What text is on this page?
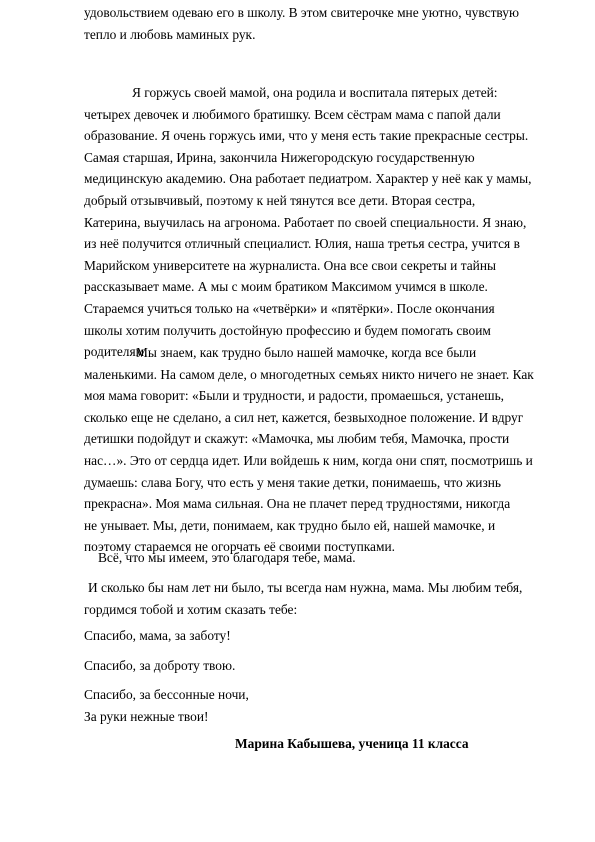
удовольствием одеваю его в школу. В этом свитерочке мне уютно, чувствую
тепло и любовь маминых рук.

Я горжусь своей мамой, она родила и воспитала пятерых детей:
четырех девочек и любимого братишку. Всем сёстрам мама с папой дали
образование. Я очень горжусь ими, что у меня есть такие прекрасные сестры.
Самая старшая, Ирина, закончила Нижегородскую государственную
медицинскую академию. Она работает педиатром. Характер у неё как у мамы,
добрый отзывчивый, поэтому к ней тянутся все дети. Вторая сестра,
Катерина, выучилась на агронома. Работает по своей специальности. Я знаю,
из неё получится отличный специалист. Юлия, наша третья сестра, учится в
Марийском университете на журналиста. Она все свои секреты и тайны
рассказывает маме. А мы с моим братиком Максимом учимся в школе.
Стараемся учиться только на «четвёрки» и «пятёрки». После окончания
школы хотим получить достойную профессию и будем помогать своим
родителям.

Мы знаем, как трудно было нашей мамочке, когда все были
маленькими. На самом деле, о многодетных семьях никто ничего не знает. Как
моя мама говорит: «Были и трудности, и радости, промаешься, устанешь,
сколько еще не сделано, а сил нет, кажется, безвыходное положение. И вдруг
детишки подойдут и скажут: «Мамочка, мы любим тебя, Мамочка, прости
нас…». Это от сердца идет. Или войдешь к ним, когда они спят, посмотришь и
думаешь: слава Богу, что есть у меня такие детки, понимаешь, что жизнь
прекрасна». Моя мама сильная. Она не плачет перед трудностями, никогда
не унывает. Мы, дети, понимаем, как трудно было ей, нашей мамочке, и
поэтому стараемся не огорчать её своими поступками.

Всё, что мы имеем, это благодаря тебе, мама.

И сколько бы нам лет ни было, ты всегда нам нужна, мама. Мы любим тебя,
гордимся тобой и хотим сказать тебе:

Спасибо, мама, за заботу!

Спасибо, за доброту твою.

Спасибо, за бессонные ночи,
За руки нежные твои!

Марина Кабышева, ученица 11 класса
